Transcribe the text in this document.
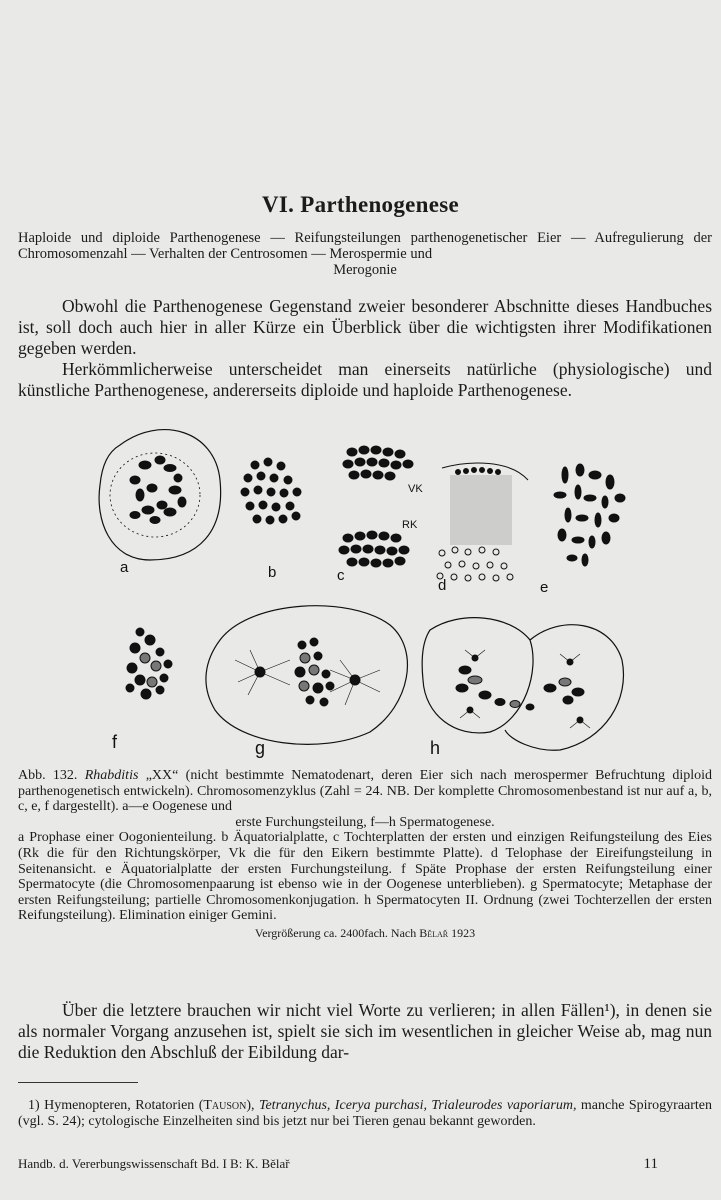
VI. Parthenogenese
Haploide und diploide Parthenogenese — Reifungsteilungen parthenogenetischer Eier — Aufregulierung der Chromosomenzahl — Verhalten der Centrosomen — Merospermie und
Merogonie

Obwohl die Parthenogenese Gegenstand zweier besonderer Abschnitte dieses Handbuches ist, soll doch auch hier in aller Kürze ein Überblick über die wichtigsten ihrer Modifikationen gegeben werden.

Herkömmlicherweise unterscheidet man einerseits natürliche (physiologische) und künstliche Parthenogenese, andererseits diploide und haploide Parthenogenese.

a	b	c
d	e
VK
RK
f	g	h

Abb. 132. Rhabditis „XX“ (nicht bestimmte Nematodenart, deren Eier sich nach merospermer Befruchtung diploid parthenogenetisch entwickeln). Chromosomenzyklus (Zahl = 24. NB. Der komplette Chromosomenbestand ist nur auf a, b, c, e, f dargestellt). a—e Oogenese und

erste Furchungsteilung, f—h Spermatogenese.

a Prophase einer Oogonienteilung. b Äquatorialplatte, c Tochterplatten der ersten und einzigen Reifungsteilung des Eies (Rk die für den Richtungskörper, Vk die für den Eikern bestimmte Platte). d Telophase der Eireifungsteilung in Seitenansicht. e Äquatorialplatte der ersten Furchungsteilung. f Späte Prophase der ersten Reifungsteilung einer Spermatocyte (die Chromosomenpaarung ist ebenso wie in der Oogenese unterblieben). g Spermatocyte; Metaphase der ersten Reifungsteilung; partielle Chromosomenkonjugation. h Spermatocyten II. Ordnung (zwei Tochterzellen der ersten Reifungsteilung). Elimination einiger Gemini.

Vergrößerung ca. 2400fach. Nach Bělař 1923

Über die letztere brauchen wir nicht viel Worte zu verlieren; in allen Fällen¹), in denen sie als normaler Vorgang anzusehen ist, spielt sie sich im wesentlichen in gleicher Weise ab, mag nun die Reduktion den Abschluß der Eibildung dar-

1) Hymenopteren, Rotatorien (Tauson), Tetranychus, Icerya purchasi, Trialeurodes vaporiarum, manche Spirogyraarten (vgl. S. 24); cytologische Einzelheiten sind bis jetzt nur bei Tieren genau bekannt geworden.

Handb. d. Vererbungswissenschaft Bd. I B: K. Bělař	11
